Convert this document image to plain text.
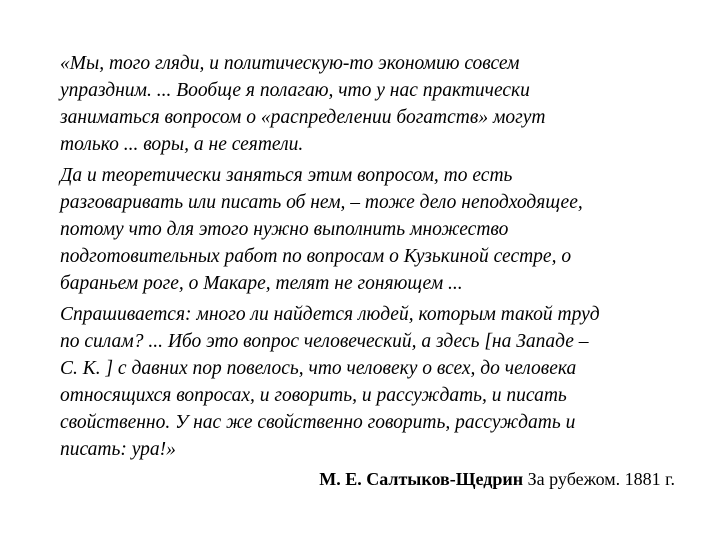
«Мы, того гляди, и политическую-то экономию совсем
упраздним. ... Вообще я полагаю, что у нас практически
заниматься вопросом о «распределении богатств» могут
только ... воры, а не сеятели.
Да и теоретически заняться этим вопросом, то есть
разговаривать или писать об нем, – тоже дело неподходящее,
потому что для этого нужно выполнить множество
подготовительных работ по вопросам о Кузькиной сестре, о
бараньем роге, о Макаре, телят не гоняющем ...
Спрашивается: много ли найдется людей, которым такой труд
по силам? ... Ибо это вопрос человеческий, а здесь [на Западе –
С. К. ] с давних пор повелось, что человеку о всех, до человека
относящихся вопросах, и говорить, и рассуждать, и писать
свойственно. У нас же свойственно говорить, рассуждать и
писать: ура!»
М. Е. Салтыков-Щедрин За рубежом. 1881 г.
